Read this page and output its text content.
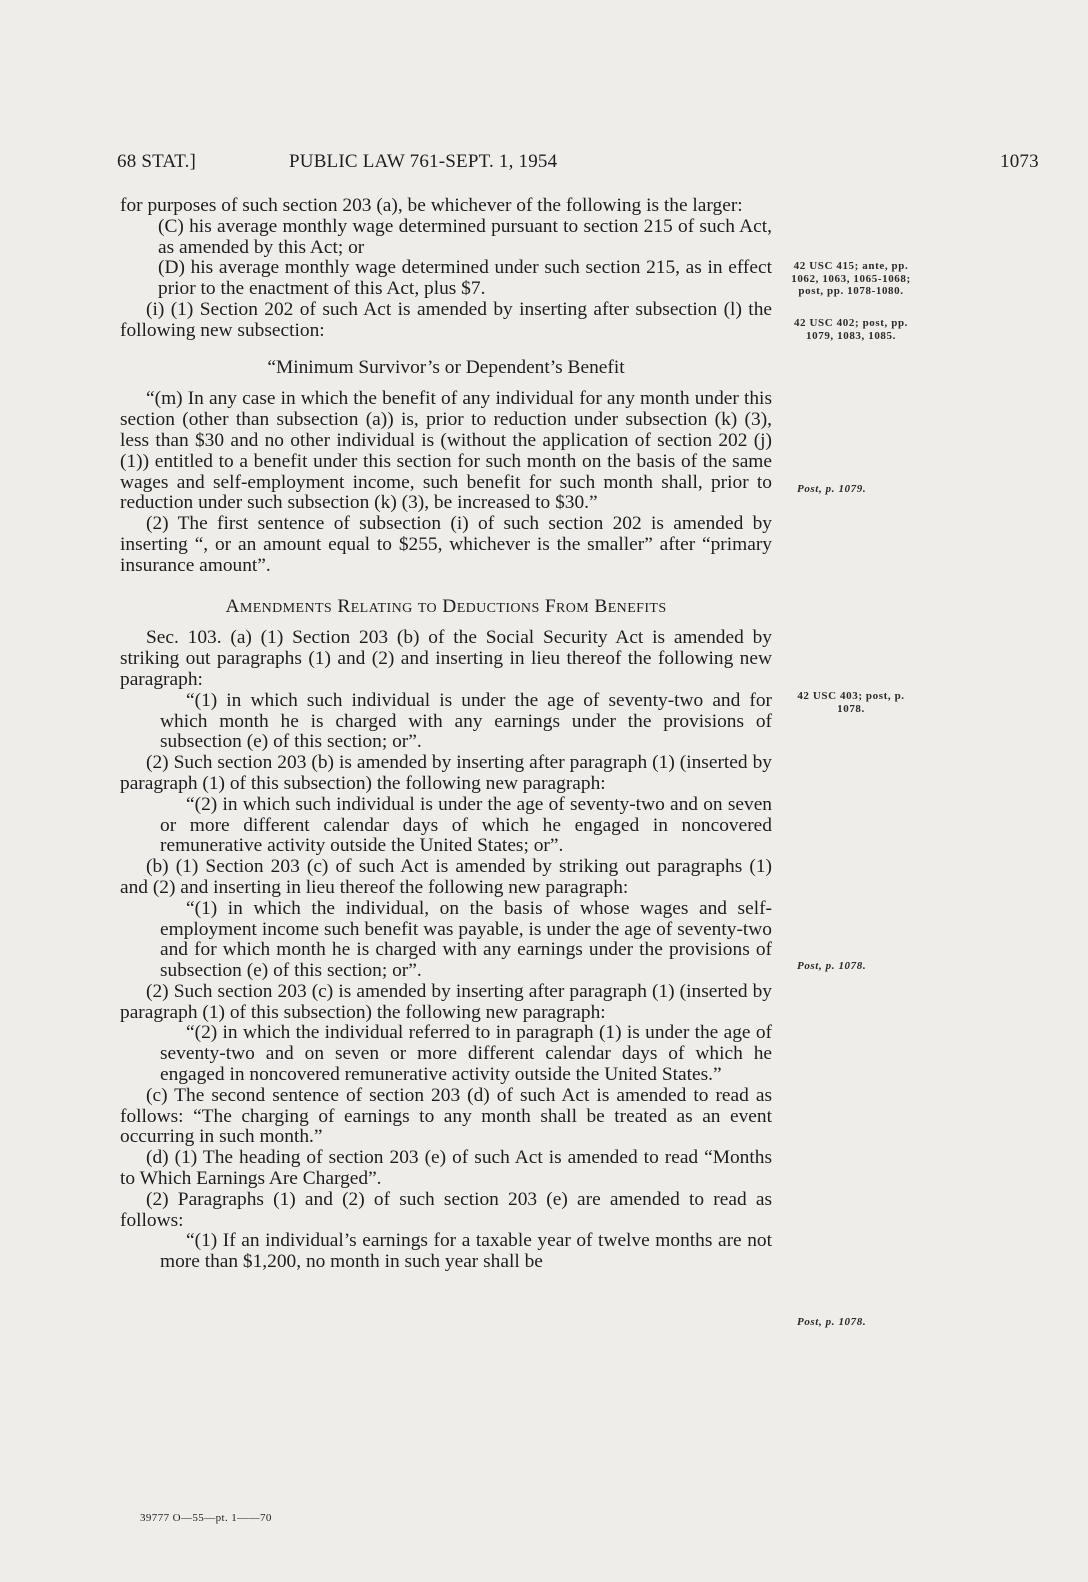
68 STAT.]	PUBLIC LAW 761-SEPT. 1, 1954	1073

for purposes of such section 203 (a), be whichever of the following is the larger:

(C) his average monthly wage determined pursuant to section 215 of such Act, as amended by this Act; or

(D) his average monthly wage determined under such section 215, as in effect prior to the enactment of this Act, plus $7.

(i) (1) Section 202 of such Act is amended by inserting after subsection (l) the following new subsection:

“Minimum Survivor’s or Dependent’s Benefit

“(m) In any case in which the benefit of any individual for any month under this section (other than subsection (a)) is, prior to reduction under subsection (k) (3), less than $30 and no other individual is (without the application of section 202 (j) (1)) entitled to a benefit under this section for such month on the basis of the same wages and self-employment income, such benefit for such month shall, prior to reduction under such subsection (k) (3), be increased to $30.”

(2) The first sentence of subsection (i) of such section 202 is amended by inserting “, or an amount equal to $255, whichever is the smaller” after “primary insurance amount”.

Amendments Relating to Deductions From Benefits

Sec. 103. (a) (1) Section 203 (b) of the Social Security Act is amended by striking out paragraphs (1) and (2) and inserting in lieu thereof the following new paragraph:

“(1) in which such individual is under the age of seventy-two and for which month he is charged with any earnings under the provisions of subsection (e) of this section; or”.

(2) Such section 203 (b) is amended by inserting after paragraph (1) (inserted by paragraph (1) of this subsection) the following new paragraph:

“(2) in which such individual is under the age of seventy-two and on seven or more different calendar days of which he engaged in noncovered remunerative activity outside the United States; or”.

(b) (1) Section 203 (c) of such Act is amended by striking out paragraphs (1) and (2) and inserting in lieu thereof the following new paragraph:

“(1) in which the individual, on the basis of whose wages and self-employment income such benefit was payable, is under the age of seventy-two and for which month he is charged with any earnings under the provisions of subsection (e) of this section; or”.

(2) Such section 203 (c) is amended by inserting after paragraph (1) (inserted by paragraph (1) of this subsection) the following new paragraph:

“(2) in which the individual referred to in paragraph (1) is under the age of seventy-two and on seven or more different calendar days of which he engaged in noncovered remunerative activity outside the United States.”

(c) The second sentence of section 203 (d) of such Act is amended to read as follows: “The charging of earnings to any month shall be treated as an event occurring in such month.”

(d) (1) The heading of section 203 (e) of such Act is amended to read “Months to Which Earnings Are Charged”.

(2) Paragraphs (1) and (2) of such section 203 (e) are amended to read as follows:

“(1) If an individual’s earnings for a taxable year of twelve months are not more than $1,200, no month in such year shall be

42 USC 415; ante, pp. 1062, 1063, 1065-1068; post, pp. 1078-1080.
42 USC 402; post, pp. 1079, 1083, 1085.
Post, p. 1079.
42 USC 403; post, p. 1078.
Post, p. 1078.
Post, p. 1078.
39777 O—55—pt. 1——70
